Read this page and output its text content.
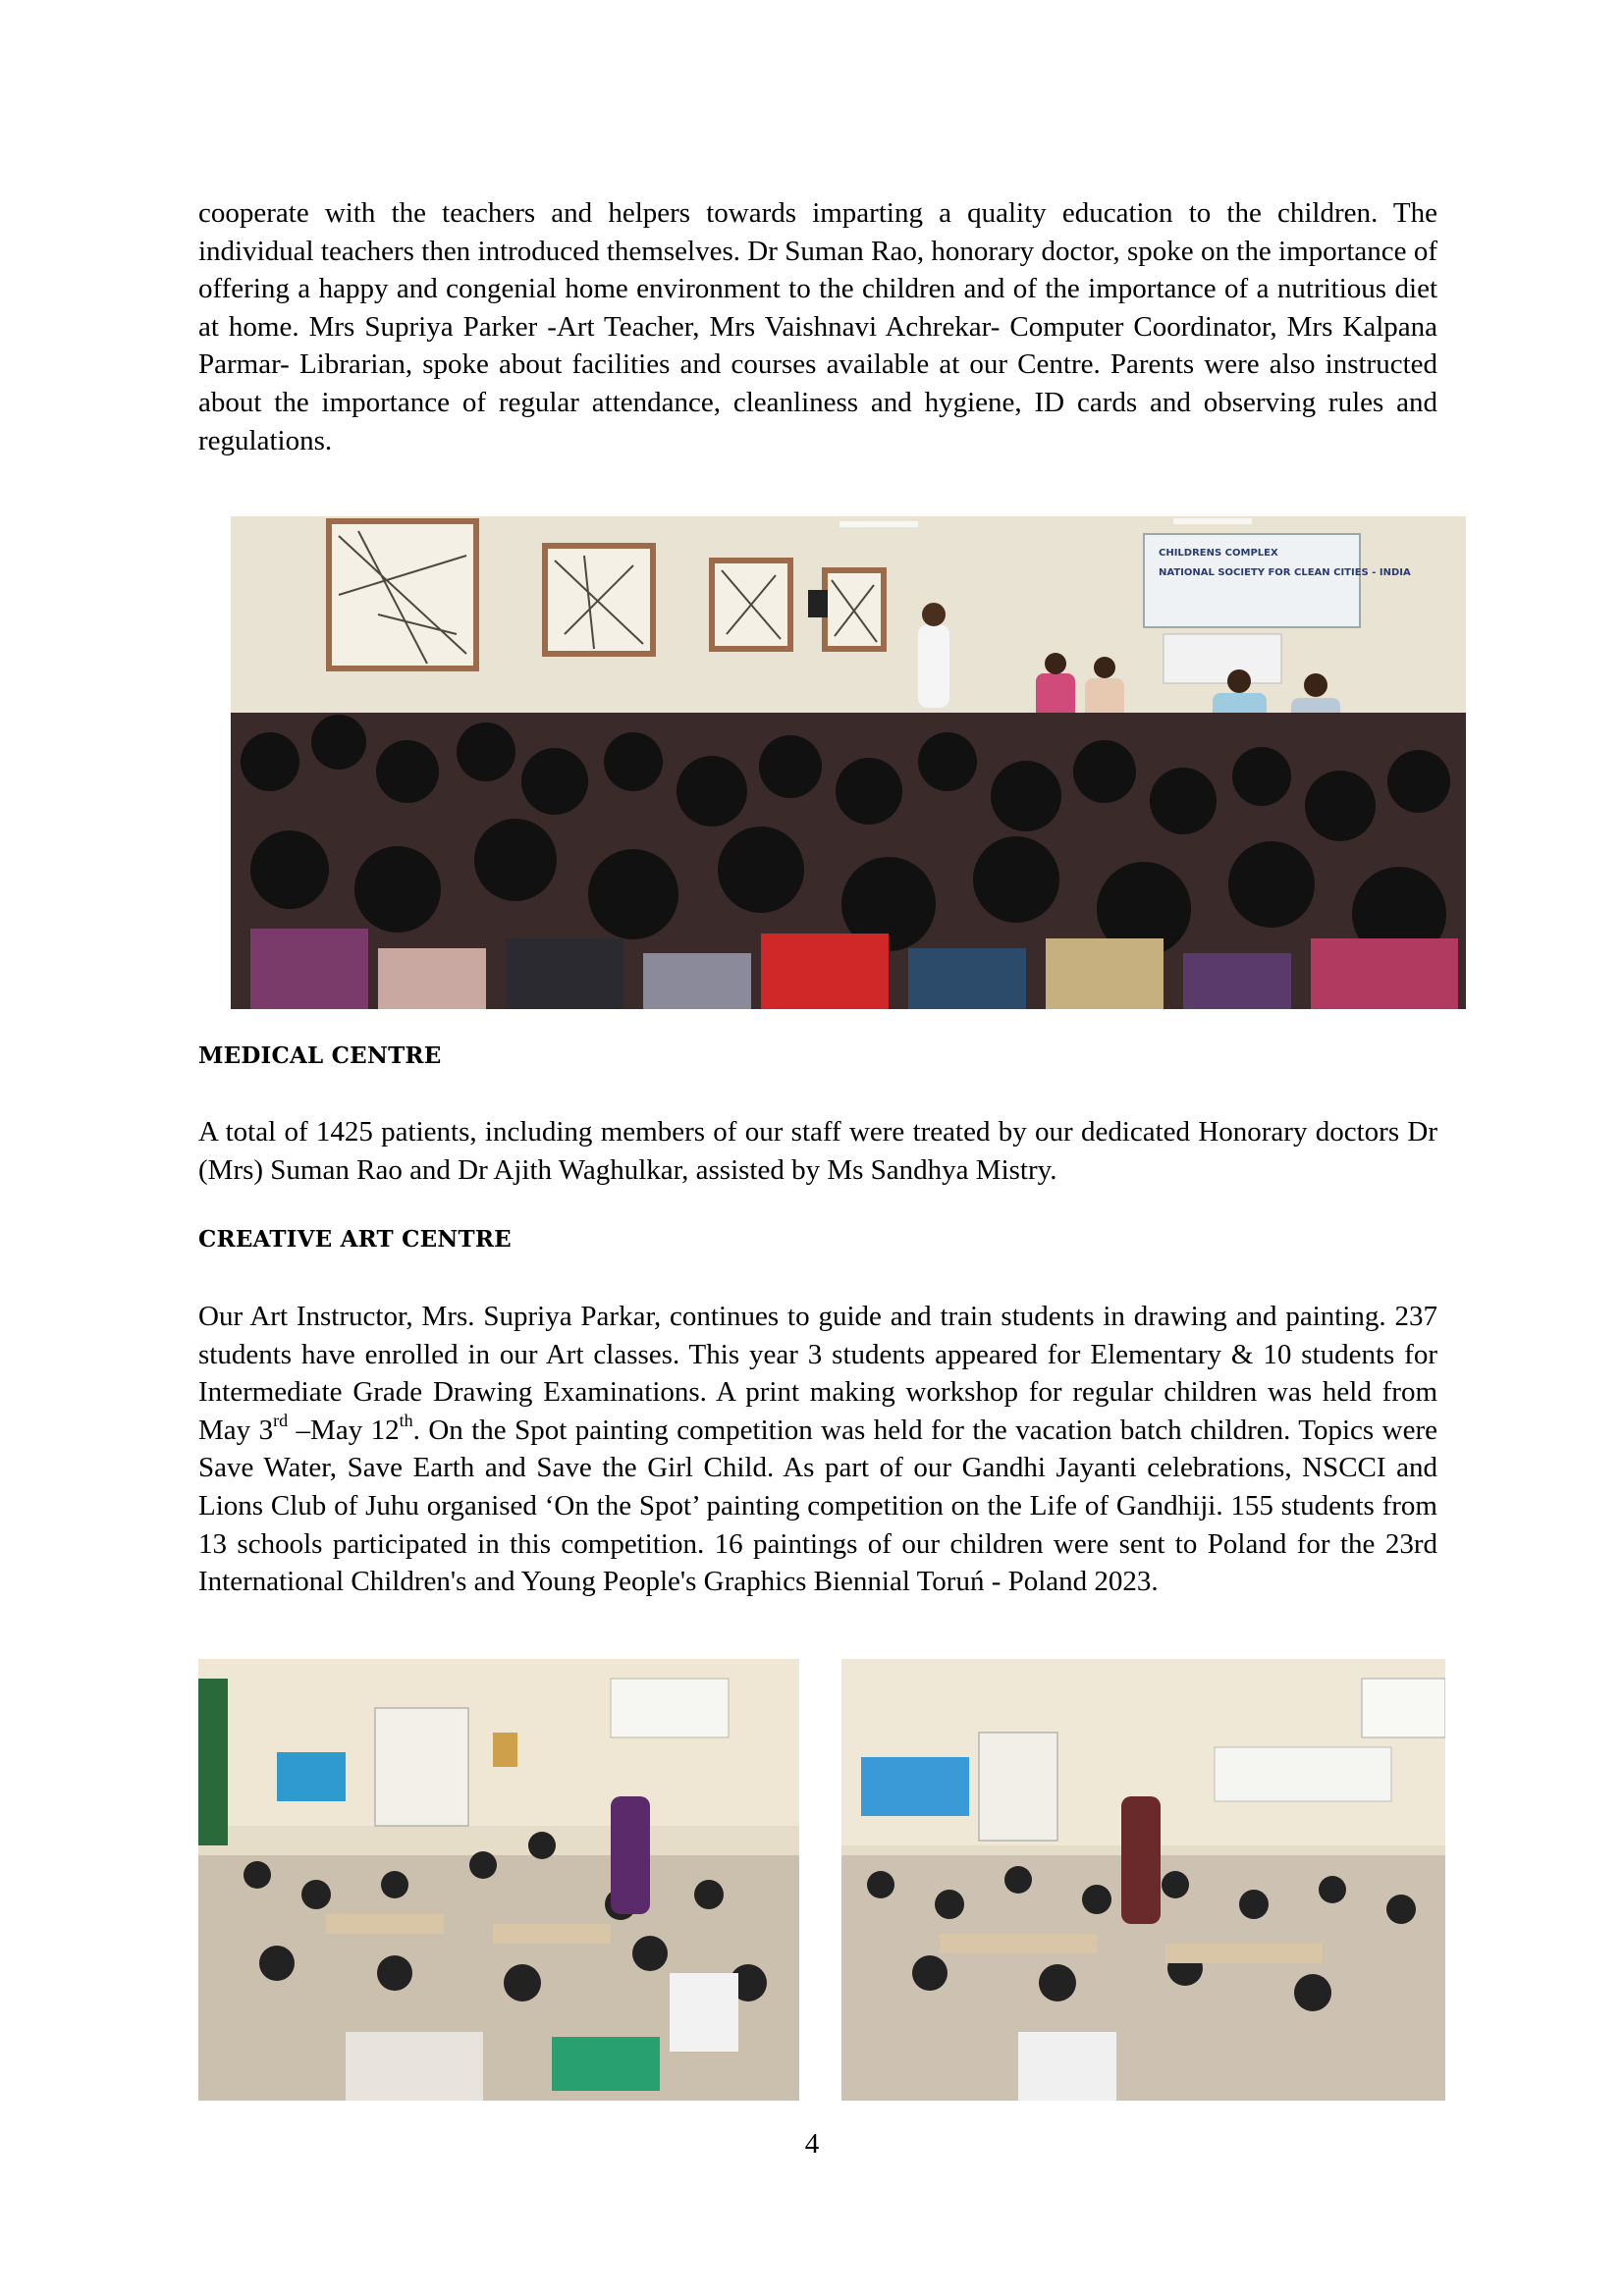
cooperate with the teachers and helpers towards imparting a quality education to the children. The individual teachers then introduced themselves. Dr Suman Rao, honorary doctor, spoke on the importance of offering a happy and congenial home environment to the children and of the importance of a nutritious diet at home. Mrs Supriya Parker -Art Teacher, Mrs Vaishnavi Achrekar- Computer Coordinator, Mrs Kalpana Parmar- Librarian, spoke about facilities and courses available at our Centre. Parents were also instructed about the importance of regular attendance, cleanliness and hygiene, ID cards and observing rules and regulations.

CHILDRENS COMPLEX
NATIONAL SOCIETY FOR CLEAN CITIES - INDIA
MEDICAL CENTRE

A total of 1425 patients, including members of our staff were treated by our dedicated Honorary doctors Dr (Mrs) Suman Rao and Dr Ajith Waghulkar, assisted by Ms Sandhya Mistry.

CREATIVE ART CENTRE

Our Art Instructor, Mrs. Supriya Parkar, continues to guide and train students in drawing and painting. 237 students have enrolled in our Art classes. This year 3 students appeared for Elementary & 10 students for Intermediate Grade Drawing Examinations. A print making workshop for regular children was held from May 3rd –May 12th. On the Spot painting competition was held for the vacation batch children. Topics were Save Water, Save Earth and Save the Girl Child. As part of our Gandhi Jayanti celebrations, NSCCI and Lions Club of Juhu organised ‘On the Spot’ painting competition on the Life of Gandhiji. 155 students from 13 schools participated in this competition. 16 paintings of our children were sent to Poland for the 23rd International Children's and Young People's Graphics Biennial Toruń - Poland 2023.

4
